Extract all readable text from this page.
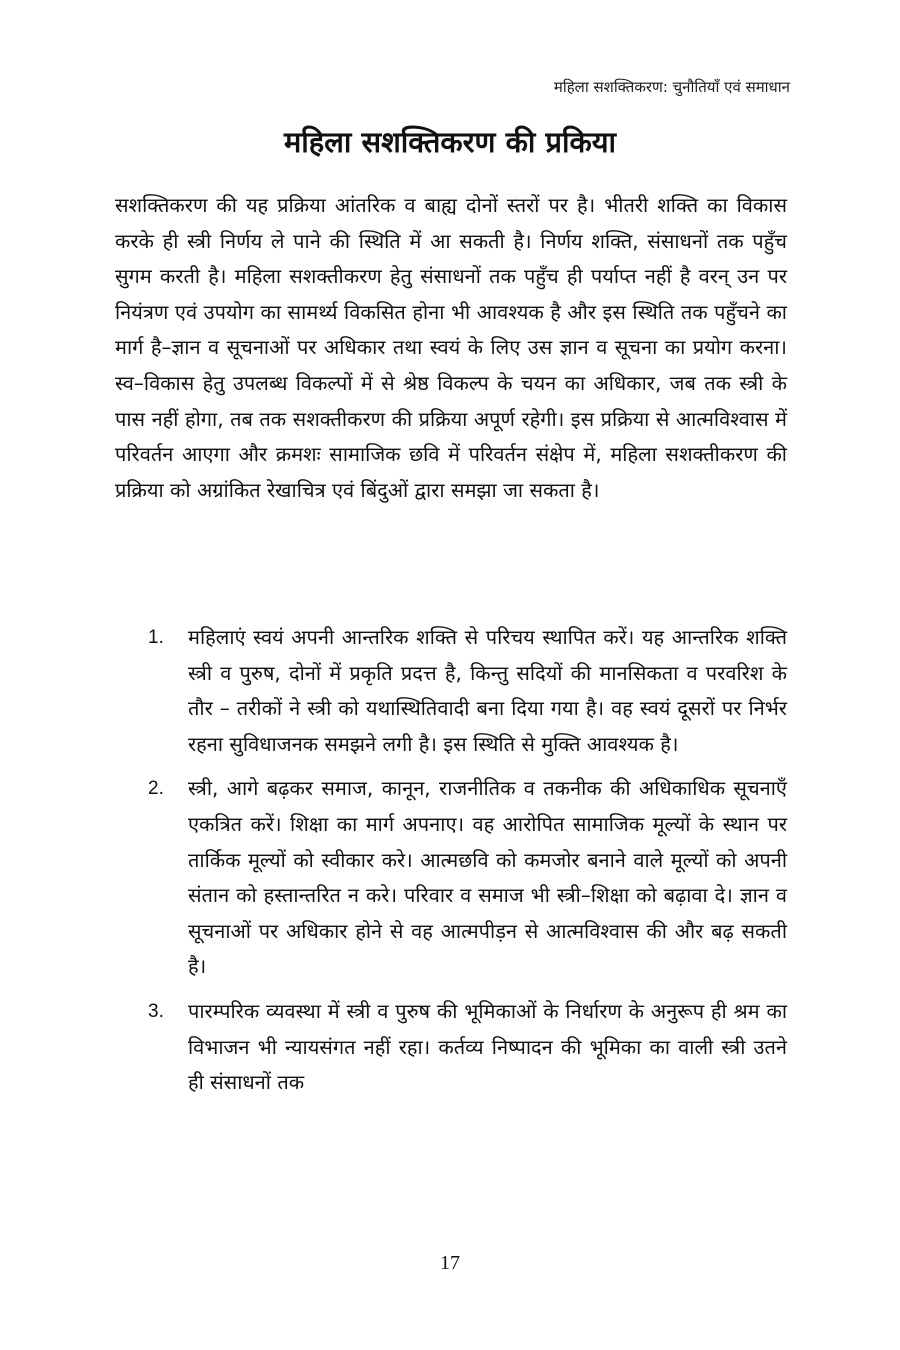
महिला सशक्तिकरण: चुनौतियाँ एवं समाधान
महिला सशक्तिकरण की प्रकिया

सशक्तिकरण की यह प्रक्रिया आंतरिक व बाह्य दोनों स्तरों पर है। भीतरी शक्ति का विकास करके ही स्त्री निर्णय ले पाने की स्थिति में आ सकती है। निर्णय शक्ति, संसाधनों तक पहुँच सुगम करती है। महिला सशक्तीकरण हेतु संसाधनों तक पहुँच ही पर्याप्त नहीं है वरन् उन पर नियंत्रण एवं उपयोग का सामर्थ्य विकसित होना भी आवश्यक है और इस स्थिति तक पहुँचने का मार्ग है–ज्ञान व सूचनाओं पर अधिकार तथा स्वयं के लिए उस ज्ञान व सूचना का प्रयोग करना। स्व–विकास हेतु उपलब्ध विकल्पों में से श्रेष्ठ विकल्प के चयन का अधिकार, जब तक स्त्री के पास नहीं होगा, तब तक सशक्तीकरण की प्रक्रिया अपूर्ण रहेगी। इस प्रक्रिया से आत्मविश्वास में परिवर्तन आएगा और क्रमशः सामाजिक छवि में परिवर्तन संक्षेप में, महिला सशक्तीकरण की प्रक्रिया को अग्रांकित रेखाचित्र एवं बिंदुओं द्वारा समझा जा सकता है।

1.	महिलाएं स्वयं अपनी आन्तरिक शक्ति से परिचय स्थापित करें। यह आन्तरिक शक्ति स्त्री व पुरुष, दोनों में प्रकृति प्रदत्त है, किन्तु सदियों की मानसिकता व परवरिश के तौर – तरीकों ने स्त्री को यथास्थितिवादी बना दिया गया है। वह स्वयं दूसरों पर निर्भर रहना सुविधाजनक समझने लगी है। इस स्थिति से मुक्ति आवश्यक है।
2.	स्त्री, आगे बढ़कर समाज, कानून, राजनीतिक व तकनीक की अधिकाधिक सूचनाएँ एकत्रित करें। शिक्षा का मार्ग अपनाए। वह आरोपित सामाजिक मूल्यों के स्थान पर तार्किक मूल्यों को स्वीकार करे। आत्मछवि को कमजोर बनाने वाले मूल्यों को अपनी संतान को हस्तान्तरित न करे। परिवार व समाज भी स्त्री–शिक्षा को बढ़ावा दे। ज्ञान व सूचनाओं पर अधिकार होने से वह आत्मपीड़न से आत्मविश्वास की और बढ़ सकती है।
3.	पारम्परिक व्यवस्था में स्त्री व पुरुष की भूमिकाओं के निर्धारण के अनुरूप ही श्रम का विभाजन भी न्यायसंगत नहीं रहा। कर्तव्य निष्पादन की भूमिका का वाली स्त्री उतने ही संसाधनों तक
17
